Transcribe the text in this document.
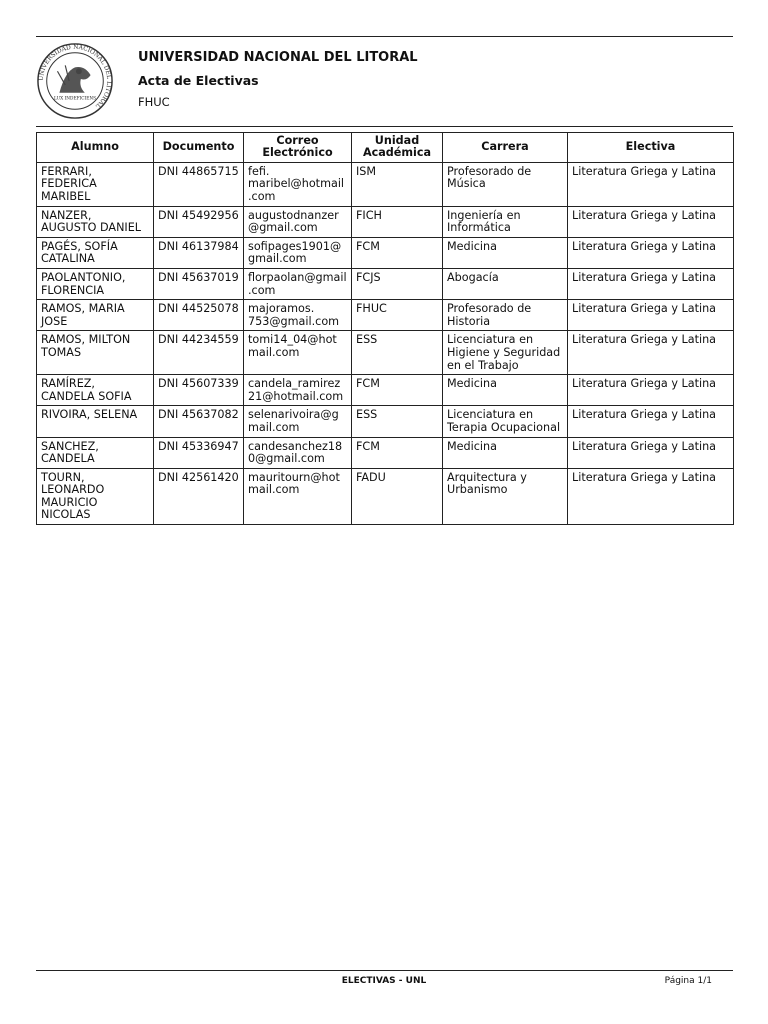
UNIVERSIDAD NACIONAL DEL LITORAL
LUX INDEFICIENS
UNIVERSIDAD NACIONAL DEL LITORAL
Acta de Electivas
FHUC
Alumno	Documento	Correo Electrónico	Unidad Académica	Carrera	Electiva
FERRARI, FEDERICA MARIBEL	DNI 44865715	fefi. maribel@hotmail.com	ISM	Profesorado de Música	Literatura Griega y Latina
NANZER, AUGUSTO DANIEL	DNI 45492956	augustodnanzer@gmail.com	FICH	Ingeniería en Informática	Literatura Griega y Latina
PAGÉS, SOFÍA CATALINA	DNI 46137984	sofipages1901@gmail.com	FCM	Medicina	Literatura Griega y Latina
PAOLANTONIO, FLORENCIA	DNI 45637019	florpaolan@gmail.com	FCJS	Abogacía	Literatura Griega y Latina
RAMOS, MARIA JOSE	DNI 44525078	majoramos. 753@gmail.com	FHUC	Profesorado de Historia	Literatura Griega y Latina
RAMOS, MILTON TOMAS	DNI 44234559	tomi14_04@hotmail.com	ESS	Licenciatura en Higiene y Seguridad en el Trabajo	Literatura Griega y Latina
RAMÍREZ, CANDELA SOFIA	DNI 45607339	candela_ramirez21@hotmail.com	FCM	Medicina	Literatura Griega y Latina
RIVOIRA, SELENA	DNI 45637082	selenarivoira@gmail.com	ESS	Licenciatura en Terapia Ocupacional	Literatura Griega y Latina
SANCHEZ, CANDELA	DNI 45336947	candesanchez180@gmail.com	FCM	Medicina	Literatura Griega y Latina
TOURN, LEONARDO MAURICIO NICOLAS	DNI 42561420	mauritourn@hotmail.com	FADU	Arquitectura y Urbanismo	Literatura Griega y Latina
ELECTIVAS - UNL	Página 1/1
